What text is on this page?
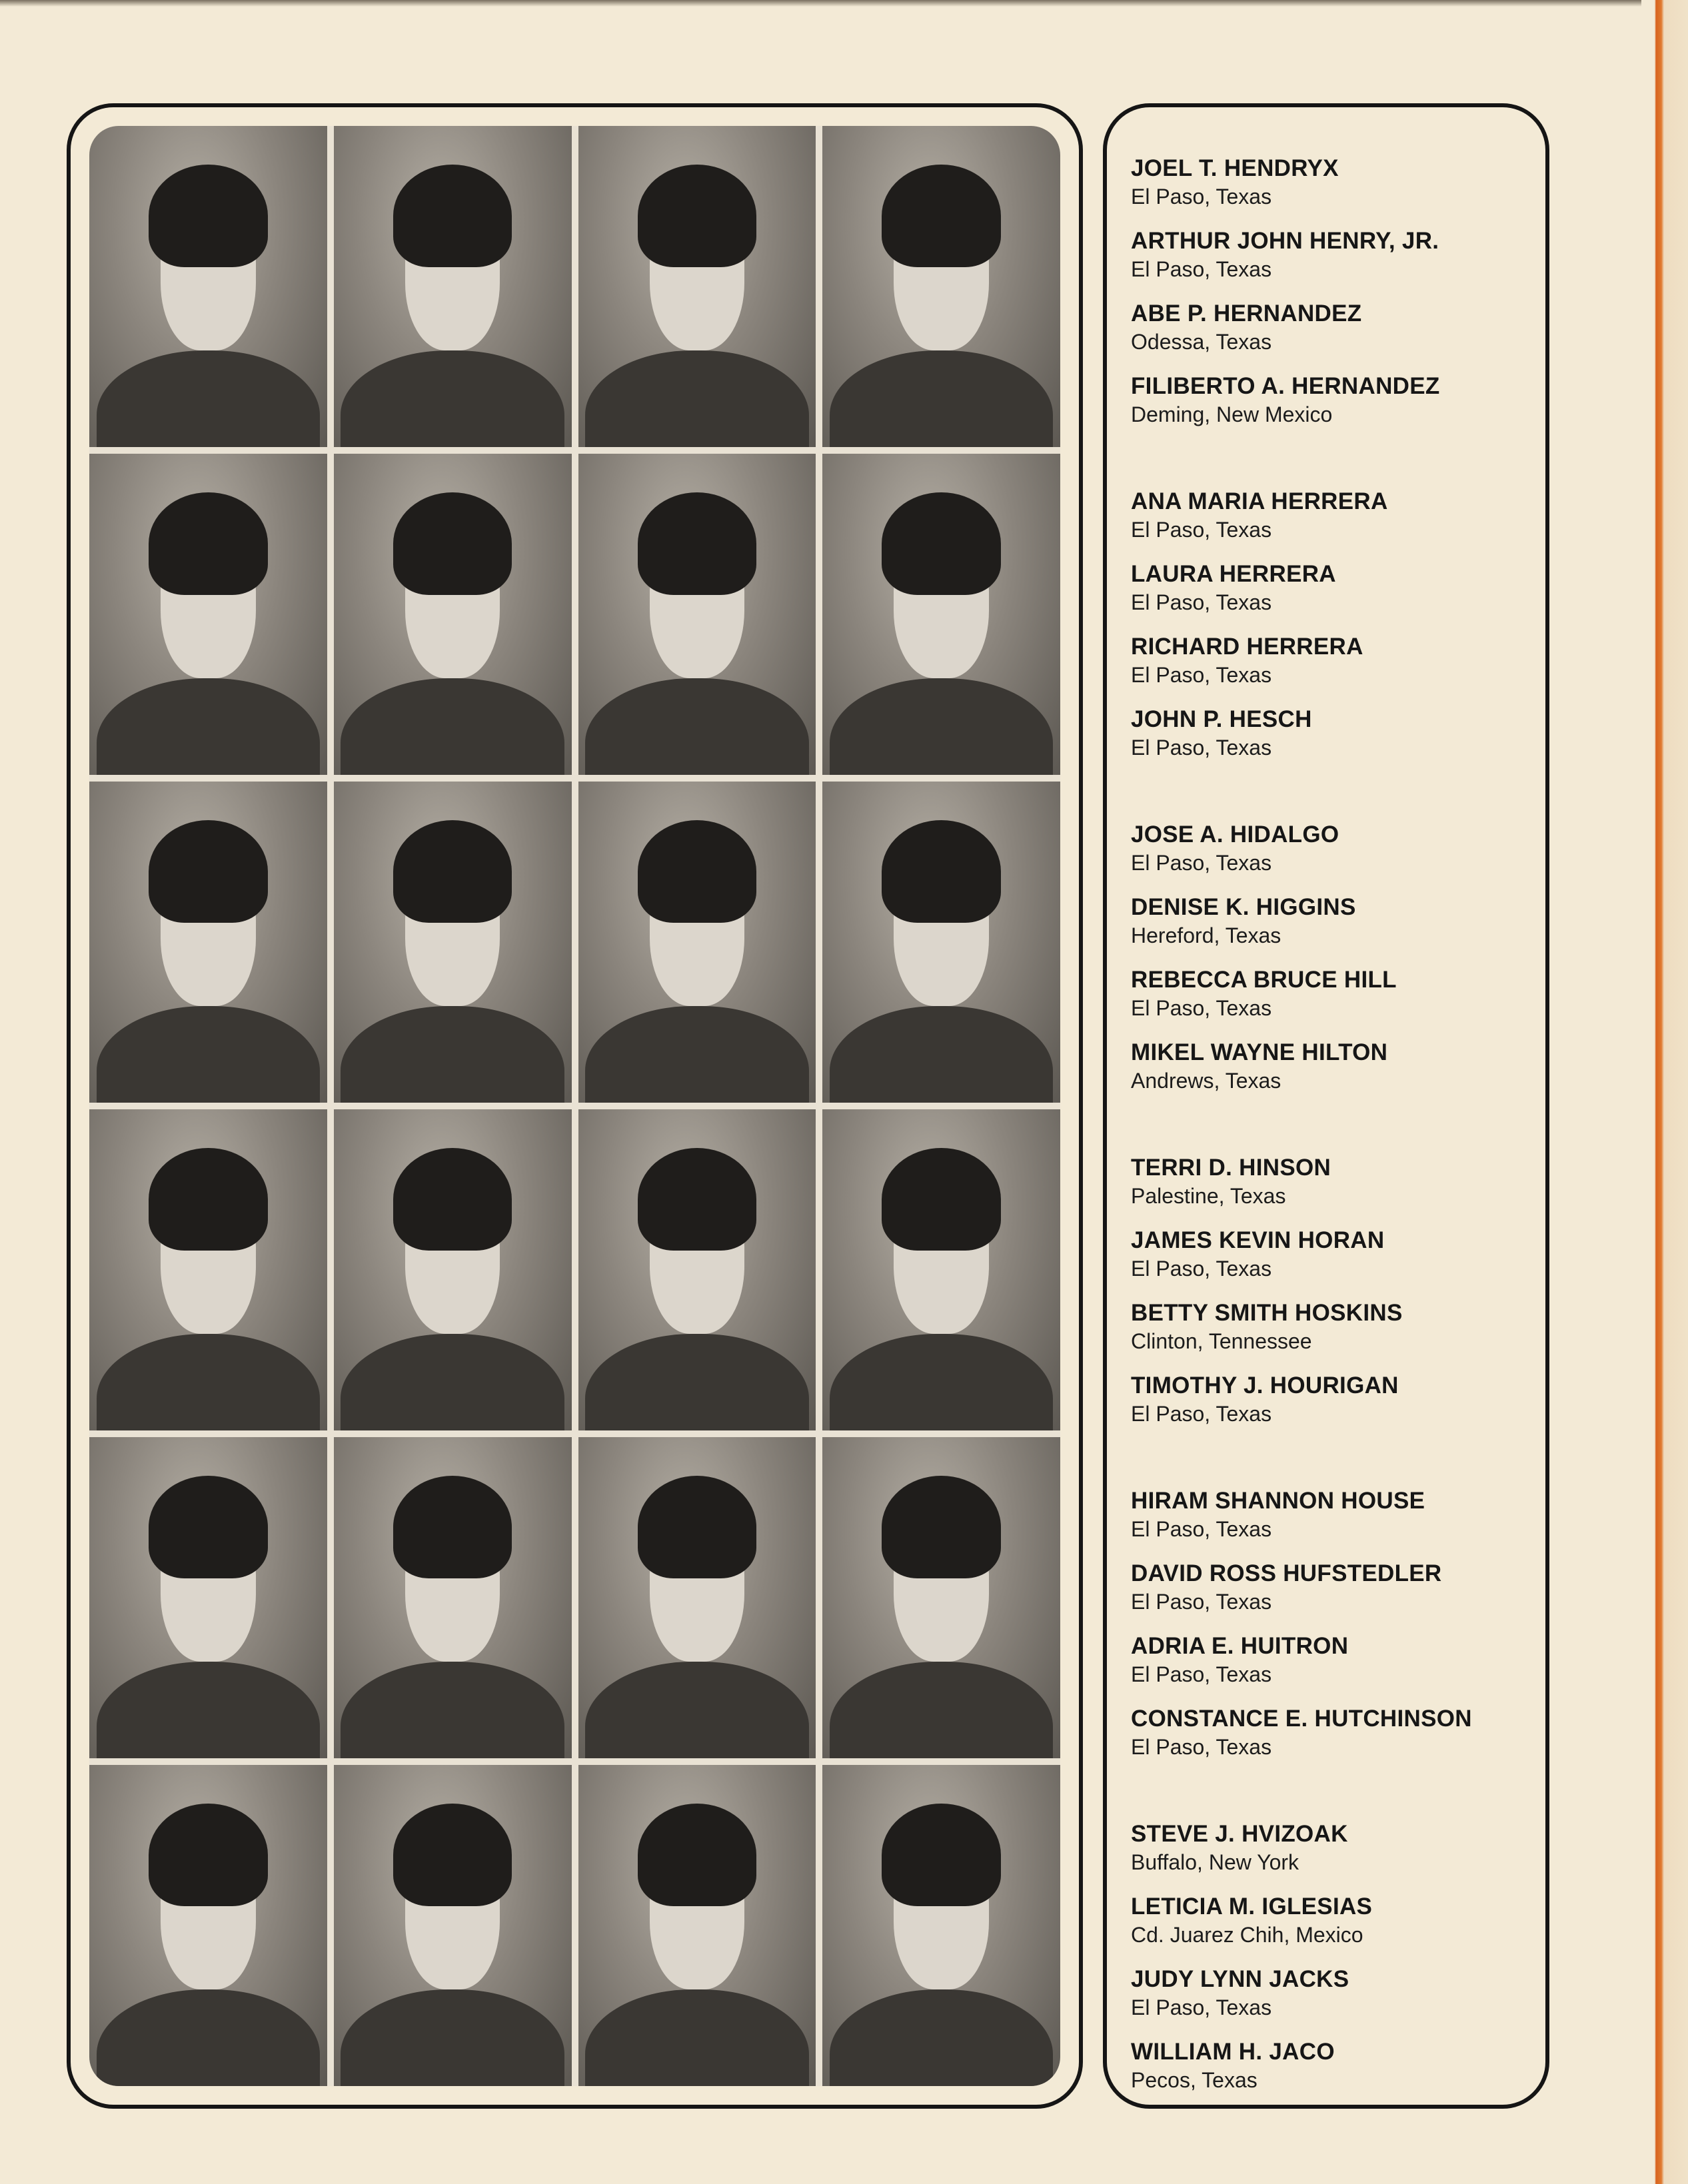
JOEL T. HENDRYX
El Paso, Texas
ARTHUR JOHN HENRY, JR.
El Paso, Texas
ABE P. HERNANDEZ
Odessa, Texas
FILIBERTO A. HERNANDEZ
Deming, New Mexico
ANA MARIA HERRERA
El Paso, Texas
LAURA HERRERA
El Paso, Texas
RICHARD HERRERA
El Paso, Texas
JOHN P. HESCH
El Paso, Texas
JOSE A. HIDALGO
El Paso, Texas
DENISE K. HIGGINS
Hereford, Texas
REBECCA BRUCE HILL
El Paso, Texas
MIKEL WAYNE HILTON
Andrews, Texas
TERRI D. HINSON
Palestine, Texas
JAMES KEVIN HORAN
El Paso, Texas
BETTY SMITH HOSKINS
Clinton, Tennessee
TIMOTHY J. HOURIGAN
El Paso, Texas
HIRAM SHANNON HOUSE
El Paso, Texas
DAVID ROSS HUFSTEDLER
El Paso, Texas
ADRIA E. HUITRON
El Paso, Texas
CONSTANCE E. HUTCHINSON
El Paso, Texas
STEVE J. HVIZOAK
Buffalo, New York
LETICIA M. IGLESIAS
Cd. Juarez Chih, Mexico
JUDY LYNN JACKS
El Paso, Texas
WILLIAM H. JACO
Pecos, Texas
